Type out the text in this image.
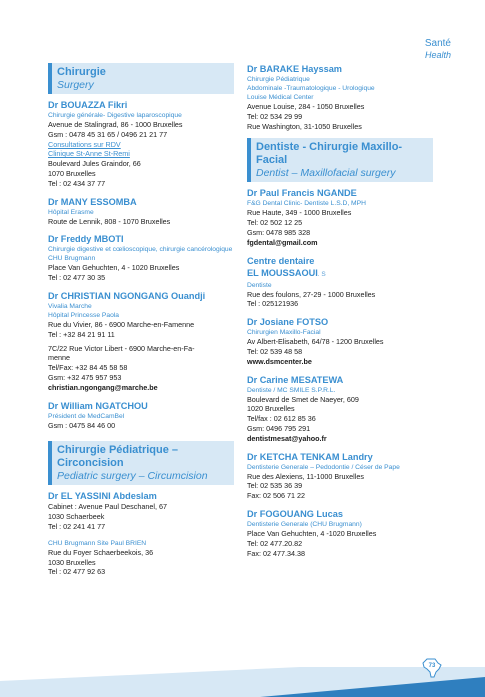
Santé
Health
Chirurgie
Surgery
Dr BOUAZZA Fikri
Chirurgie générale- Digestive laparoscopique
Avenue de Stalingrad, 86 - 1000 Bruxelles
Gsm : 0478 45 31 65 / 0496 21 21 77
Consultations sur RDV
Clinique St-Anne St-Remi
Boulevard Jules Graindor, 66
1070 Bruxelles
Tel : 02 434 37 77
Dr MANY ESSOMBA
Hôpital Erasme
Route de Lennik, 808 - 1070 Bruxelles
Dr Freddy MBOTI
Chirurgie digestive et cœlioscopique, chirurgie cancérologique
CHU Brugmann
Place Van Gehuchten, 4 - 1020 Bruxelles
Tel : 02 477 30 35
Dr CHRISTIAN NGONGANG Ouandji
Vivalia Marche
Hôpital Princesse Paola
Rue du Vivier, 86 - 6900 Marche-en-Famenne
Tel : +32 84 21 91 11
7C/22 Rue Victor Libert - 6900 Marche-en-Fa-
menne
Tel/Fax: +32 84 45 58 58
Gsm: +32 475 957 953
christian.ngongang@marche.be
Dr William NGATCHOU
Président de MedCamBel
Gsm : 0475 84 46 00
Chirurgie Pédiatrique – Circoncision
Pediatric surgery – Circumcision
Dr EL YASSINI Abdeslam
Cabinet : Avenue Paul Deschanel, 67
1030 Schaerbeek
Tel : 02 241 41 77
CHU Brugmann Site Paul BRIEN
Rue du Foyer Schaerbeekois, 36
1030 Bruxelles
Tel : 02 477 92 63
Dr BARAKE Hayssam
Chirurgie Pédiatrique
Abdominale -Traumatologique - Urologique
Louise Médical Center
Avenue Louise, 284 - 1050 Bruxelles
Tel: 02 534 29 99
Rue Washington, 31-1050 Bruxelles
Dentiste - Chirurgie Maxillo-Facial
Dentist – Maxillofacial surgery
Dr Paul Francis NGANDE
F&G Dental Clinic- Dentiste L.S.D, MPH
Rue Haute, 349 - 1000 Bruxelles
Tel: 02 502 12 25
Gsm: 0478 985 328
fgdental@gmail.com
Centre dentaire
EL MOUSSAOUI. S
Dentiste
Rue des foulons, 27-29 - 1000 Bruxelles
Tel : 025121936
Dr Josiane FOTSO
Chirurgien Maxillo-Facial
Av Albert-Elisabeth, 64/78 - 1200 Bruxelles
Tel: 02 539 48 58
www.dsmcenter.be
Dr Carine MESATEWA
Dentiste / MC SMILE S.P.R.L.
Boulevard de Smet de Naeyer, 609
1020 Bruxelles
Tel/fax : 02 612 85 36
Gsm: 0496 795 291
dentistmesat@yahoo.fr
Dr KETCHA TENKAM Landry
Dentisterie Generale – Pedodontie / Céser de Pape
Rue des Alexiens, 11-1000 Bruxelles
Tel: 02 535 36 39
Fax: 02 506 71 22
Dr FOGOUANG Lucas
Dentisterie Generale (CHU Brugmann)
Place Van Gehuchten, 4 -1020 Bruxelles
Tel: 02 477.20.82
Fax: 02 477.34.38
73
